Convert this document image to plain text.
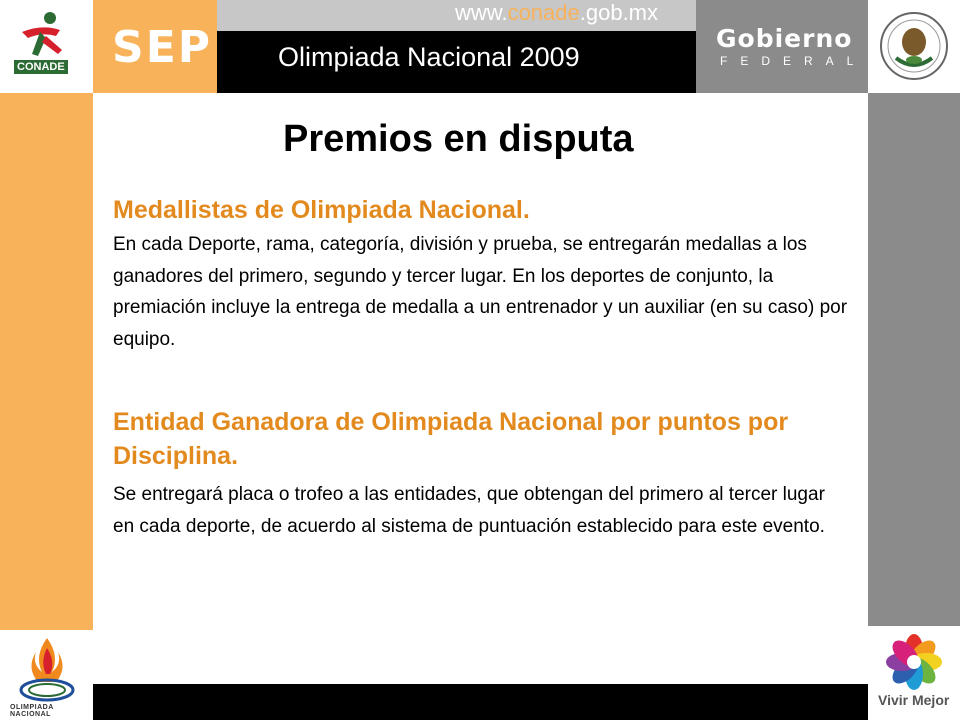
CONADE SEP
www.conade.gob.mx
Olimpiada Nacional 2009
Gobierno
FEDERAL
Premios en disputa
Medallistas de Olimpiada Nacional.
En cada Deporte, rama, categoría, división y prueba, se entregarán medallas a los ganadores del primero, segundo y tercer lugar. En los deportes de conjunto, la premiación incluye la entrega de medalla a un entrenador y un auxiliar (en su caso) por equipo.
Entidad Ganadora de Olimpiada Nacional por puntos por Disciplina.
Se entregará placa o trofeo a las entidades, que obtengan del primero al tercer lugar en cada deporte, de acuerdo al sistema de puntuación establecido para este evento.
OLIMPIADA NACIONAL
Vivir Mejor
